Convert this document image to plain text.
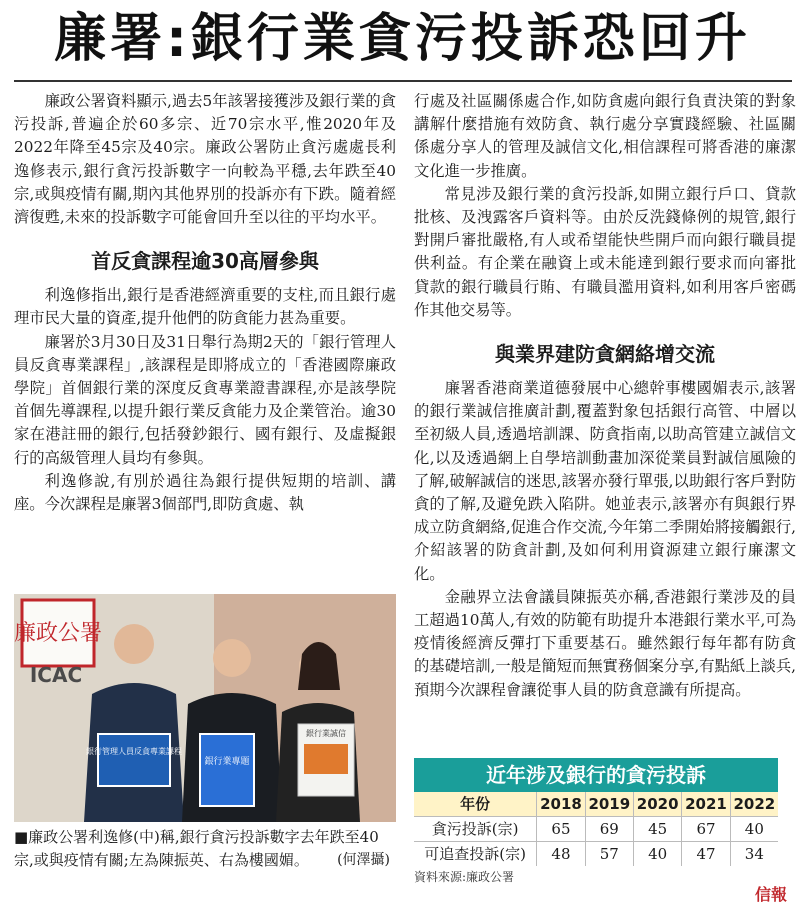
廉署:銀行業貪污投訴恐回升

廉政公署資料顯示,過去5年該署接獲涉及銀行業的貪污投訴,普遍企於60多宗、近70宗水平,惟2020年及2022年降至45宗及40宗。廉政公署防止貪污處處長利逸修表示,銀行貪污投訴數字一向較為平穩,去年跌至40宗,或與疫情有關,期內其他界別的投訴亦有下跌。隨着經濟復甦,未來的投訴數字可能會回升至以往的平均水平。

首反貪課程逾30高層參與

利逸修指出,銀行是香港經濟重要的支柱,而且銀行處理市民大量的資產,提升他們的防貪能力甚為重要。

廉署於3月30日及31日舉行為期2天的「銀行管理人員反貪專業課程」,該課程是即將成立的「香港國際廉政學院」首個銀行業的深度反貪專業證書課程,亦是該學院首個先導課程,以提升銀行業反貪能力及企業管治。逾30家在港註冊的銀行,包括發鈔銀行、國有銀行、及虛擬銀行的高級管理人員均有參與。

利逸修說,有別於過往為銀行提供短期的培訓、講座。今次課程是廉署3個部門,即防貪處、執

廉政公署
ICAC
銀行管理人員反貪專業課程
銀行業專題
銀行業誠信
■廉政公署利逸修(中)稱,銀行貪污投訴數字去年跌至40宗,或與疫情有關;左為陳振英、右為樓國媚。 (何澤攝)

行處及社區關係處合作,如防貪處向銀行負責決策的對象講解什麼措施有效防貪、執行處分享實踐經驗、社區關係處分享人的管理及誠信文化,相信課程可將香港的廉潔文化進一步推廣。

常見涉及銀行業的貪污投訴,如開立銀行戶口、貸款批核、及洩露客戶資料等。由於反洗錢條例的規管,銀行對開戶審批嚴格,有人或希望能快些開戶而向銀行職員提供利益。有企業在融資上或未能達到銀行要求而向審批貸款的銀行職員行賄、有職員濫用資料,如利用客戶密碼作其他交易等。

與業界建防貪網絡增交流

廉署香港商業道德發展中心總幹事樓國媚表示,該署的銀行業誠信推廣計劃,覆蓋對象包括銀行高管、中層以至初級人員,透過培訓課、防貪指南,以助高管建立誠信文化,以及透過網上自學培訓動畫加深從業員對誠信風險的了解,破解誠信的迷思,該署亦發行單張,以助銀行客戶對防貪的了解,及避免跌入陷阱。她並表示,該署亦有與銀行界成立防貪網絡,促進合作交流,今年第二季開始將接觸銀行,介紹該署的防貪計劃,及如何利用資源建立銀行廉潔文化。

金融界立法會議員陳振英亦稱,香港銀行業涉及的員工超過10萬人,有效的防範有助提升本港銀行業水平,可為疫情後經濟反彈打下重要基石。雖然銀行每年都有防貪的基礎培訓,一般是簡短而無實務個案分享,有點紙上談兵,預期今次課程會讓從事人員的防貪意識有所提高。

近年涉及銀行的貪污投訴
年份	2018 2019 2020 2021 2022
貪污投訴(宗)	65	69	45	67	40
可追查投訴(宗)	48	57	40	47	34
資料來源:廉政公署
信報
